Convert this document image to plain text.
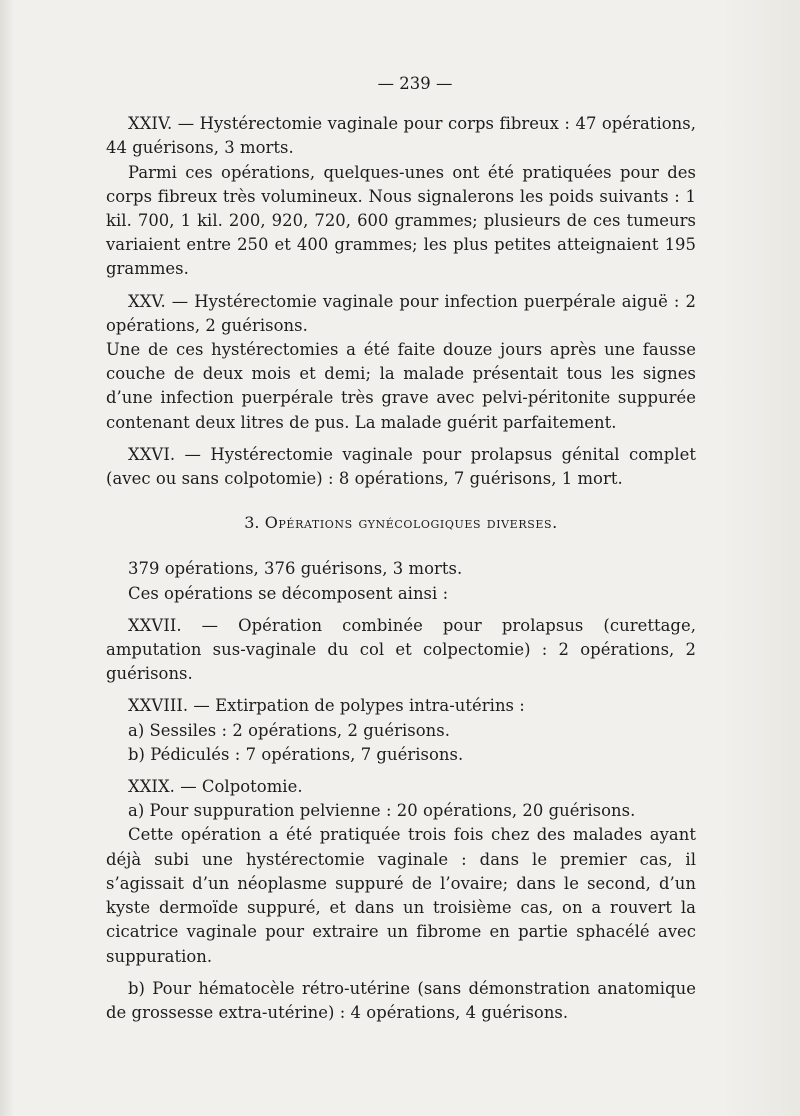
— 239 —

XXIV. — Hystérectomie vaginale pour corps fibreux : 47 opérations, 44 guérisons, 3 morts.

Parmi ces opérations, quelques-unes ont été pratiquées pour des corps fibreux très volumineux. Nous signalerons les poids suivants : 1 kil. 700, 1 kil. 200, 920, 720, 600 grammes; plusieurs de ces tumeurs variaient entre 250 et 400 grammes; les plus petites atteignaient 195 grammes.

XXV. — Hystérectomie vaginale pour infection puerpérale aiguë : 2 opérations, 2 guérisons.

Une de ces hystérectomies a été faite douze jours après une fausse couche de deux mois et demi; la malade présentait tous les signes d’une infection puerpérale très grave avec pelvi-péritonite suppurée contenant deux litres de pus. La malade guérit parfaitement.

XXVI. — Hystérectomie vaginale pour prolapsus génital complet (avec ou sans colpotomie) : 8 opérations, 7 guérisons, 1 mort.

3. Opérations gynécologiques diverses.

379 opérations, 376 guérisons, 3 morts.

Ces opérations se décomposent ainsi :

XXVII. — Opération combinée pour prolapsus (curettage, amputation sus-vaginale du col et colpectomie) : 2 opérations, 2 guérisons.

XXVIII. — Extirpation de polypes intra-utérins :

a) Sessiles : 2 opérations, 2 guérisons.

b) Pédiculés : 7 opérations, 7 guérisons.

XXIX. — Colpotomie.

a) Pour suppuration pelvienne : 20 opérations, 20 guérisons.

Cette opération a été pratiquée trois fois chez des malades ayant déjà subi une hystérectomie vaginale : dans le premier cas, il s’agissait d’un néoplasme suppuré de l’ovaire; dans le second, d’un kyste dermoïde suppuré, et dans un troisième cas, on a rouvert la cicatrice vaginale pour extraire un fibrome en partie sphacélé avec suppuration.

b) Pour hématocèle rétro-utérine (sans démonstration anatomique de grossesse extra-utérine) : 4 opérations, 4 guérisons.
